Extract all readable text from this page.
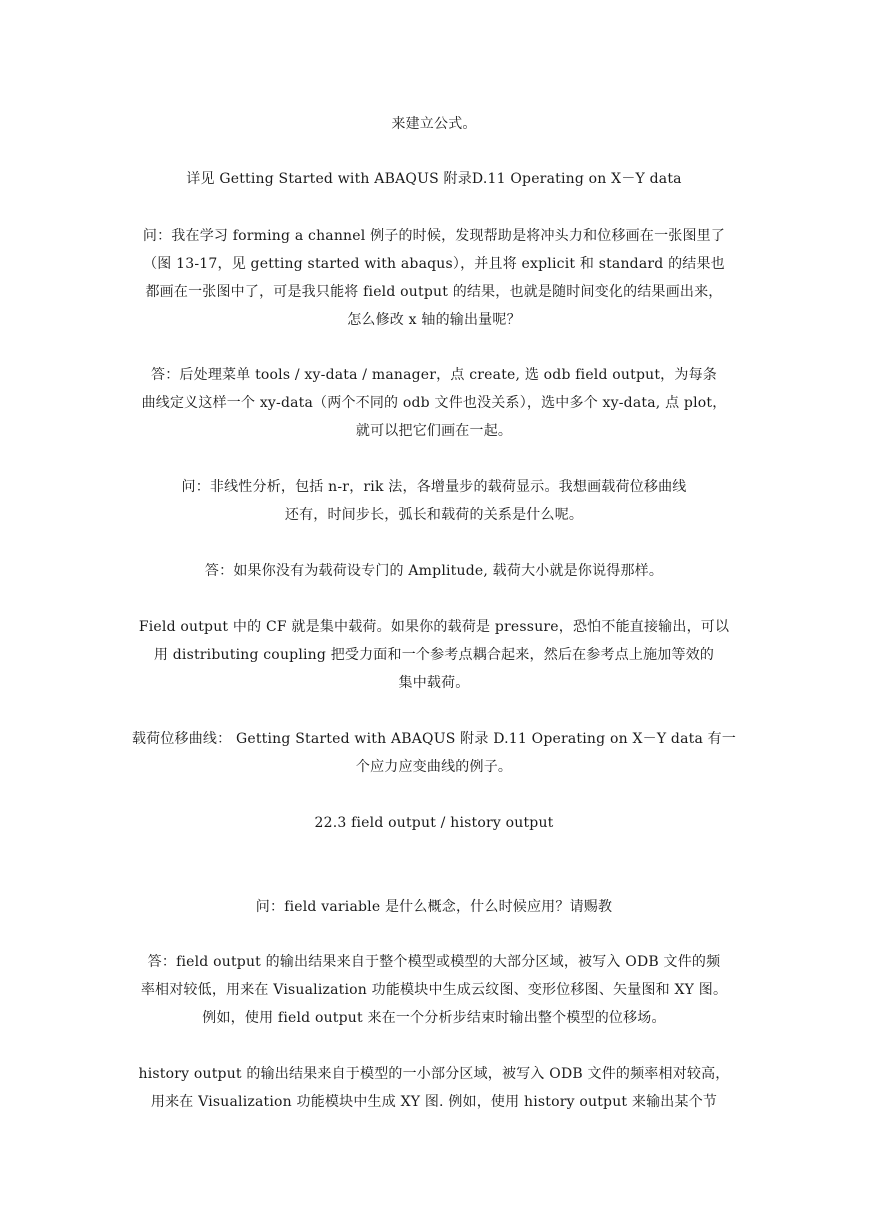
来建立公式。
详见 Getting Started with ABAQUS 附录D.11 Operating on X－Y data
问：我在学习 forming a channel 例子的时候，发现帮助是将冲头力和位移画在一张图里了
（图 13-17，见 getting started with abaqus），并且将 explicit 和 standard 的结果也
都画在一张图中了，可是我只能将 field output 的结果，也就是随时间变化的结果画出来，
怎么修改 x 轴的输出量呢？
答：后处理菜单 tools / xy-data / manager，点 create, 选 odb field output，为每条
曲线定义这样一个 xy-data（两个不同的 odb 文件也没关系），选中多个 xy-data, 点 plot，
就可以把它们画在一起。
问：非线性分析，包括 n-r，rik 法，各增量步的载荷显示。我想画载荷位移曲线
还有，时间步长，弧长和载荷的关系是什么呢。
答：如果你没有为载荷设专门的 Amplitude, 载荷大小就是你说得那样。
Field output 中的 CF 就是集中载荷。如果你的载荷是 pressure，恐怕不能直接输出，可以
用 distributing coupling 把受力面和一个参考点耦合起来，然后在参考点上施加等效的
集中载荷。
载荷位移曲线： Getting Started with ABAQUS 附录 D.11 Operating on X－Y data 有一
个应力应变曲线的例子。
22.3 field output / history output
问：field variable 是什么概念，什么时候应用？请赐教
答：field output 的输出结果来自于整个模型或模型的大部分区域，被写入 ODB 文件的频
率相对较低，用来在 Visualization 功能模块中生成云纹图、变形位移图、矢量图和 XY 图。
例如，使用 field output 来在一个分析步结束时输出整个模型的位移场。
history output 的输出结果来自于模型的一小部分区域，被写入 ODB 文件的频率相对较高，
用来在 Visualization 功能模块中生成 XY 图. 例如，使用 history output 来输出某个节
